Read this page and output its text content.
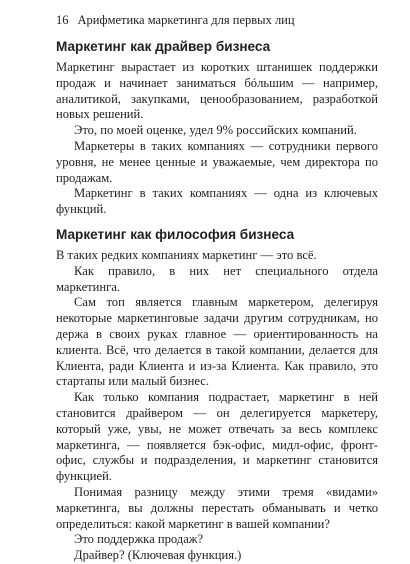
16 Арифметика маркетинга для первых лиц
Маркетинг как драйвер бизнеса

Маркетинг вырастает из коротких штанишек поддержки продаж и начинает заниматься бóльшим — например, аналитикой, закупками, ценообразованием, разработкой новых решений.

Это, по моей оценке, удел 9% российских компаний.

Маркетеры в таких компаниях — сотрудники первого уровня, не менее ценные и уважаемые, чем директора по продажам.

Маркетинг в таких компаниях — одна из ключевых функций.

Маркетинг как философия бизнеса

В таких редких компаниях маркетинг — это всё.

Как правило, в них нет специального отдела маркетинга.

Сам топ является главным маркетером, делегируя некоторые маркетинговые задачи другим сотрудникам, но держа в своих руках главное — ориентированность на клиента. Всё, что делается в такой компании, делается для Клиента, ради Клиента и из-за Клиента. Как правило, это стартапы или малый бизнес.

Как только компания подрастает, маркетинг в ней становится драйвером — он делегируется маркетеру, который уже, увы, не может отвечать за весь комплекс маркетинга, — появляется бэк-офис, мидл-офис, фронт-офис, службы и подразделения, и маркетинг становится функцией.

Понимая разницу между этими тремя «видами» маркетинга, вы должны перестать обманывать и четко определиться: какой маркетинг в вашей компании?

Это поддержка продаж?

Драйвер? (Ключевая функция.)
